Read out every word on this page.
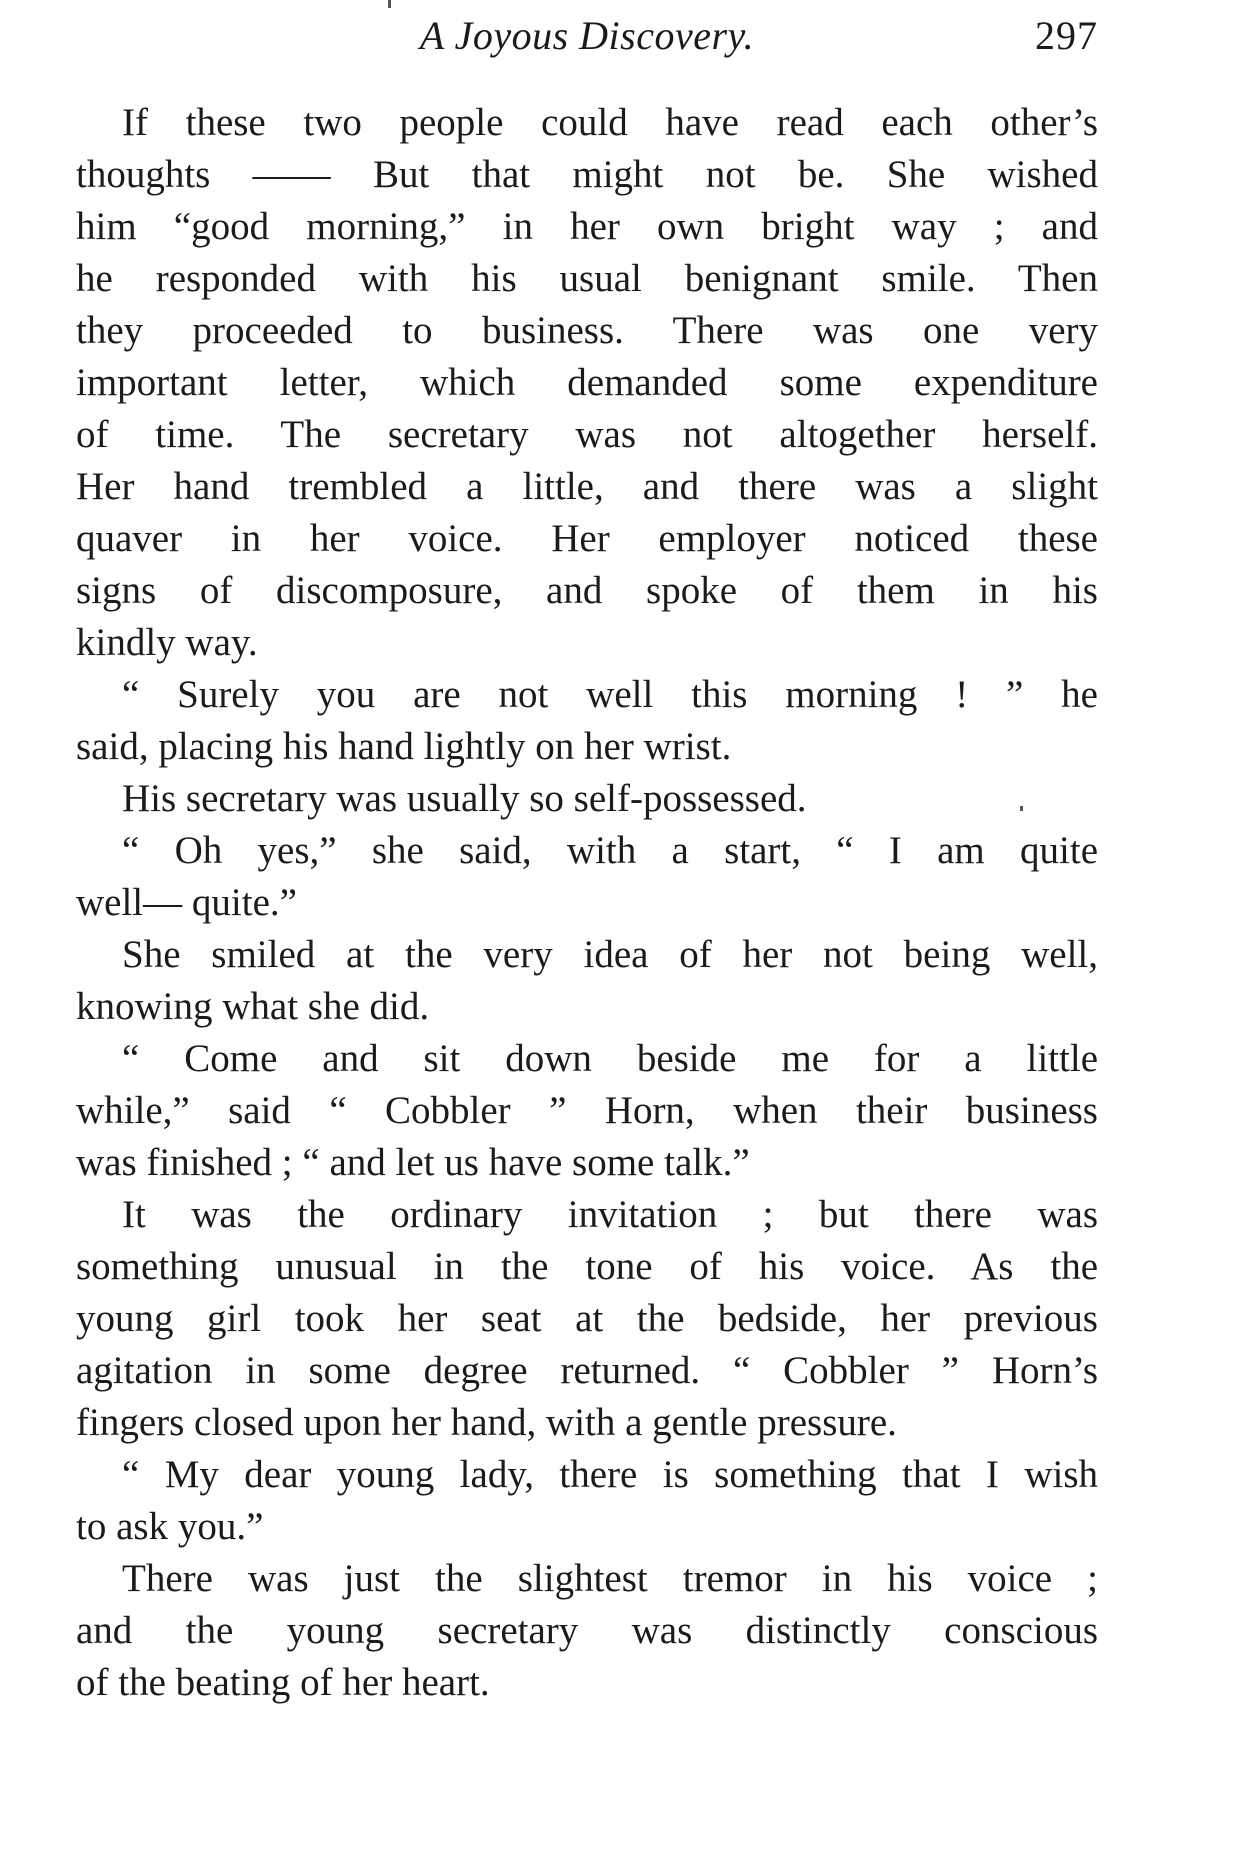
A Joyous Discovery.	297
If these two people could have read each other’s
thoughts —— But that might not be. She wished
him “good morning,” in her own bright way ; and
he responded with his usual benignant smile. Then
they proceeded to business. There was one very
important letter, which demanded some expenditure
of time. The secretary was not altogether herself.
Her hand trembled a little, and there was a slight
quaver in her voice. Her employer noticed these
signs of discomposure, and spoke of them in his
kindly way.
“ Surely you are not well this morning ! ” he
said, placing his hand lightly on her wrist.
His secretary was usually so self-possessed.
“ Oh yes,” she said, with a start, “ I am quite
well— quite.”
She smiled at the very idea of her not being well,
knowing what she did.
“ Come and sit down beside me for a little
while,” said “ Cobbler ” Horn, when their business
was finished ; “ and let us have some talk.”
It was the ordinary invitation ; but there was
something unusual in the tone of his voice. As the
young girl took her seat at the bedside, her previous
agitation in some degree returned. “ Cobbler ” Horn’s
fingers closed upon her hand, with a gentle pressure.
“ My dear young lady, there is something that I wish
to ask you.”
There was just the slightest tremor in his voice ;
and the young secretary was distinctly conscious
of the beating of her heart.
